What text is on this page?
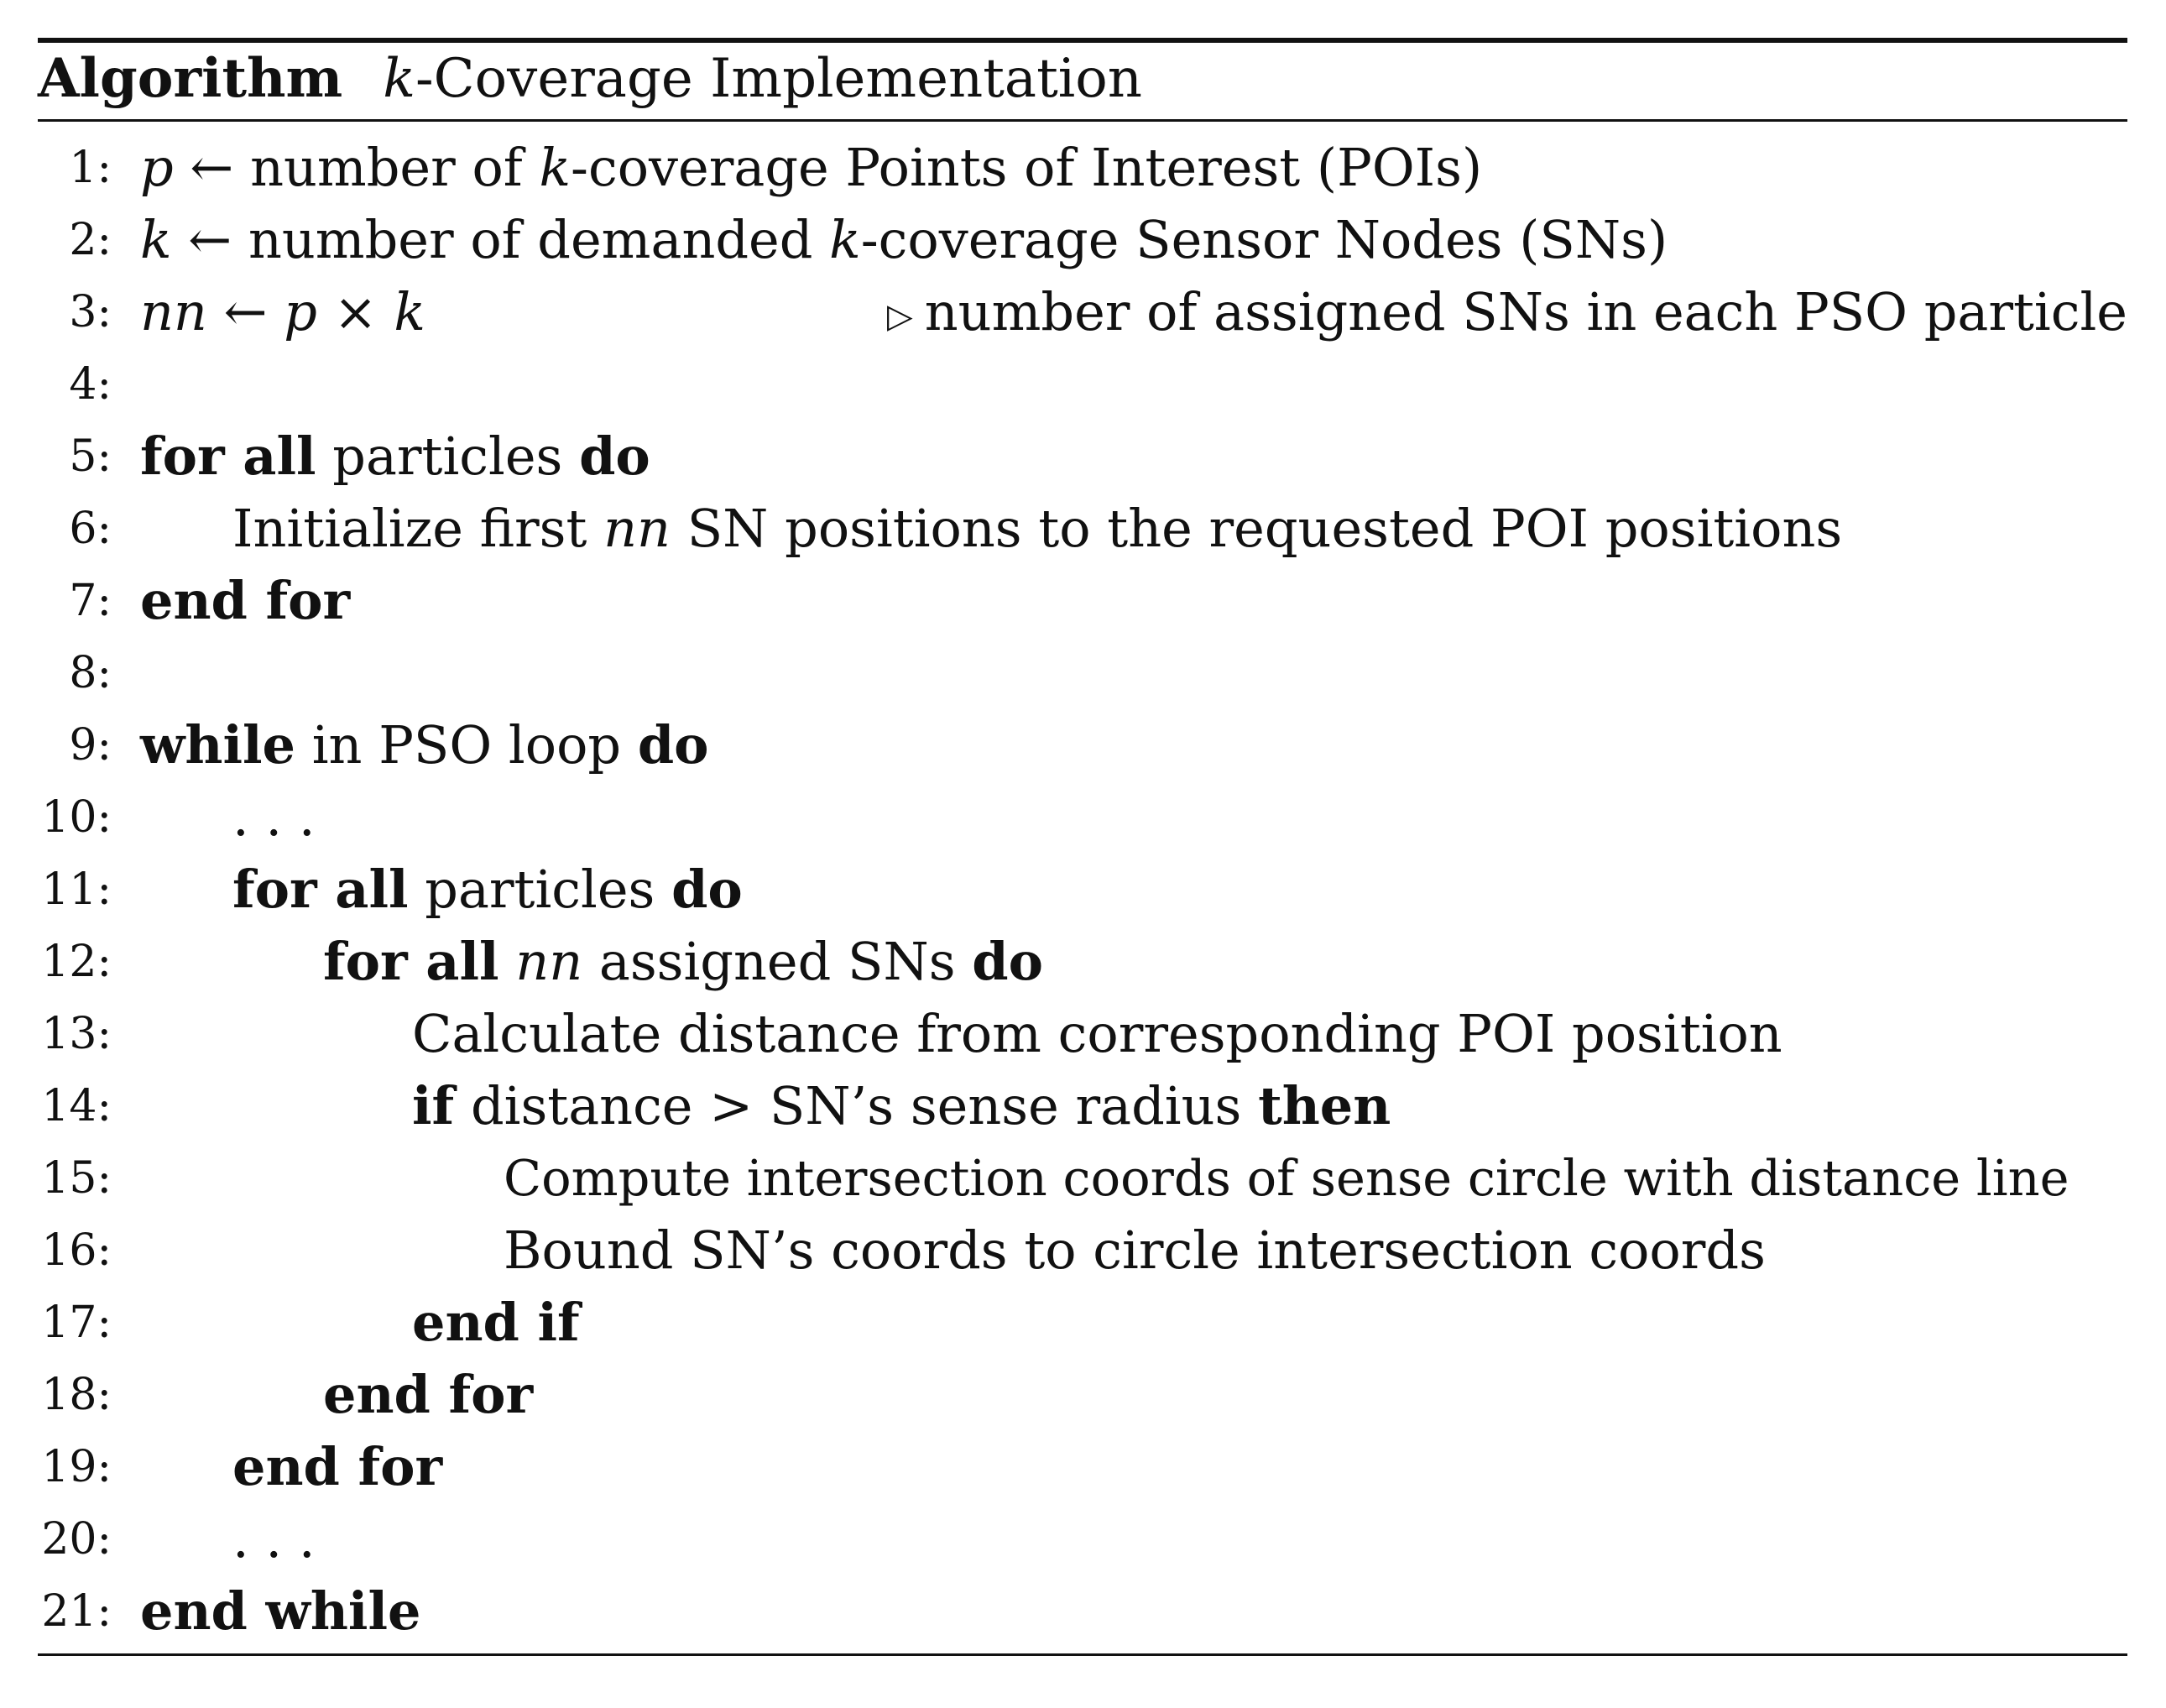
Algorithm k-Coverage Implementation
1: p ← number of k-coverage Points of Interest (POIs)
2: k ← number of demanded k-coverage Sensor Nodes (SNs)
3: nn ← p × k	▷ number of assigned SNs in each PSO particle
4:
5: for all particles do
6: Initialize first nn SN positions to the requested POI positions
7: end for
8:
9: while in PSO loop do
10: . . .
11: for all particles do
12:	for all nn assigned SNs do
13:	Calculate distance from corresponding POI position
14:	if distance > SN’s sense radius then
15:	Compute intersection coords of sense circle with distance line
16:	Bound SN’s coords to circle intersection coords
17:	end if
18:	end for
19: end for
20: . . .
21: end while
